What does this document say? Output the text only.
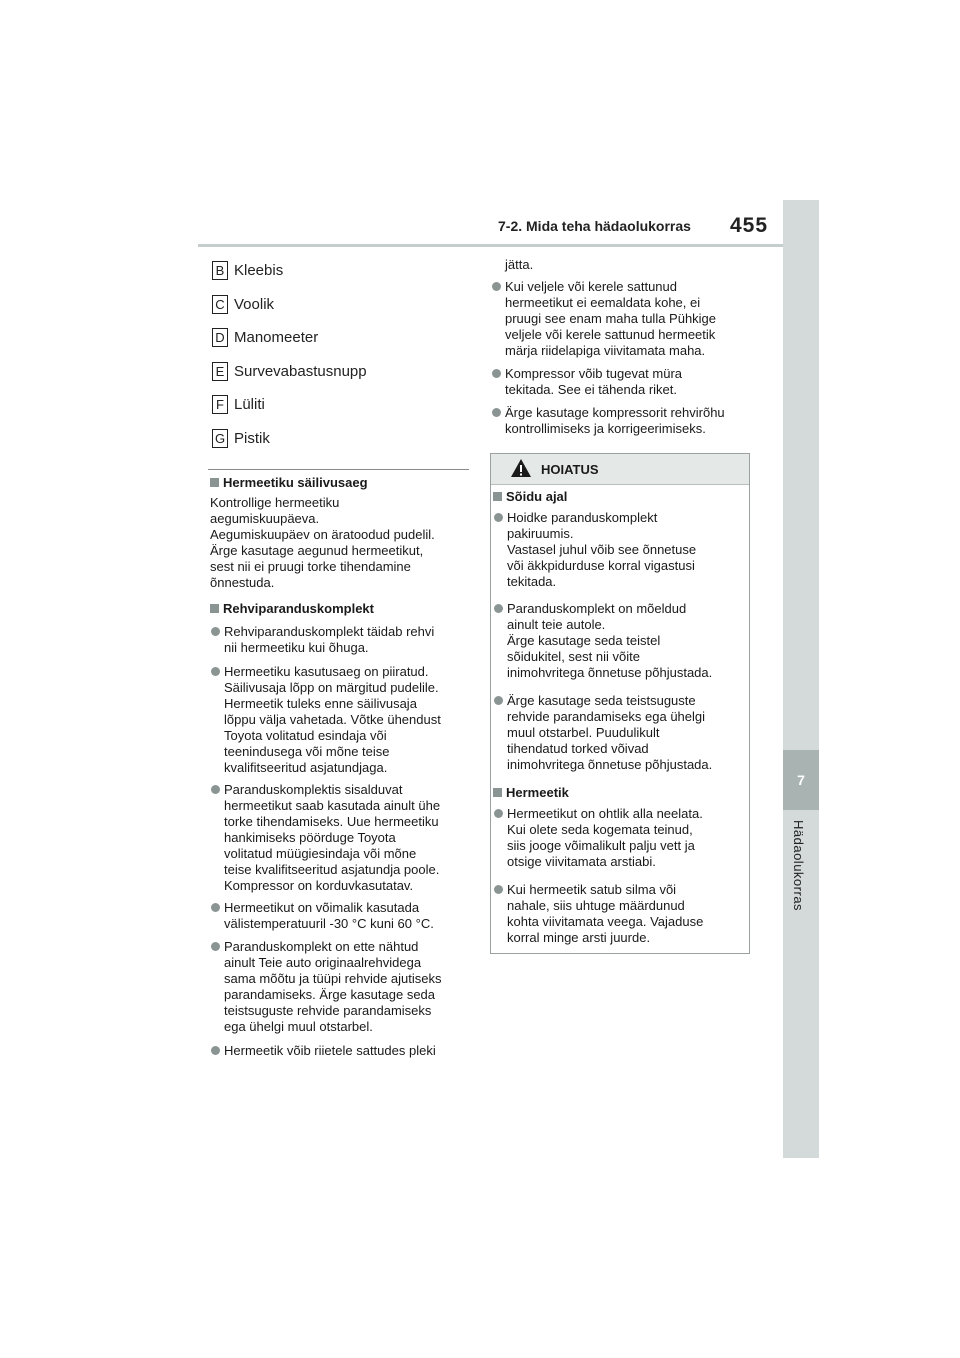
7-2. Mida teha hädaolukorras 455
7
Hädaolukorras
B Kleebis
C Voolik
D Manomeeter
E Survevabastusnupp
F Lüliti
G Pistik
Hermeetiku säilivusaeg
Kontrollige hermeetiku
aegumiskuupäeva.
Aegumiskuupäev on äratoodud pudelil.
Ärge kasutage aegunud hermeetikut,
sest nii ei pruugi torke tihendamine
õnnestuda.
Rehviparanduskomplekt
Rehviparanduskomplekt täidab rehvi
nii hermeetiku kui õhuga.
Hermeetiku kasutusaeg on piiratud.
Säilivusaja lõpp on märgitud pudelile.
Hermeetik tuleks enne säilivusaja
lõppu välja vahetada. Võtke ühendust
Toyota volitatud esindaja või
teenindusega või mõne teise
kvalifitseeritud asjatundjaga.
Paranduskomplektis sisalduvat
hermeetikut saab kasutada ainult ühe
torke tihendamiseks. Uue hermeetiku
hankimiseks pöörduge Toyota
volitatud müügiesindaja või mõne
teise kvalifitseeritud asjatundja poole.
Kompressor on korduvkasutatav.
Hermeetikut on võimalik kasutada
välistemperatuuril -30 °C kuni 60 °C.
Paranduskomplekt on ette nähtud
ainult Teie auto originaalrehvidega
sama mõõtu ja tüüpi rehvide ajutiseks
parandamiseks. Ärge kasutage seda
teistsuguste rehvide parandamiseks
ega ühelgi muul otstarbel.
Hermeetik võib riietele sattudes pleki
jätta.
Kui veljele või kerele sattunud
hermeetikut ei eemaldata kohe, ei
pruugi see enam maha tulla Pühkige
veljele või kerele sattunud hermeetik
märja riidelapiga viivitamata maha.
Kompressor võib tugevat müra
tekitada. See ei tähenda riket.
Ärge kasutage kompressorit rehvirõhu
kontrollimiseks ja korrigeerimiseks.
HOIATUS
Sõidu ajal
Hoidke paranduskomplekt
pakiruumis.
Vastasel juhul võib see õnnetuse
või äkkpidurduse korral vigastusi
tekitada.
Paranduskomplekt on mõeldud
ainult teie autole.
Ärge kasutage seda teistel
sõidukitel, sest nii võite
inimohvritega õnnetuse põhjustada.
Ärge kasutage seda teistsuguste
rehvide parandamiseks ega ühelgi
muul otstarbel. Puudulikult
tihendatud torked võivad
inimohvritega õnnetuse põhjustada.
Hermeetik
Hermeetikut on ohtlik alla neelata.
Kui olete seda kogemata teinud,
siis jooge võimalikult palju vett ja
otsige viivitamata arstiabi.
Kui hermeetik satub silma või
nahale, siis uhtuge määrdunud
kohta viivitamata veega. Vajaduse
korral minge arsti juurde.
